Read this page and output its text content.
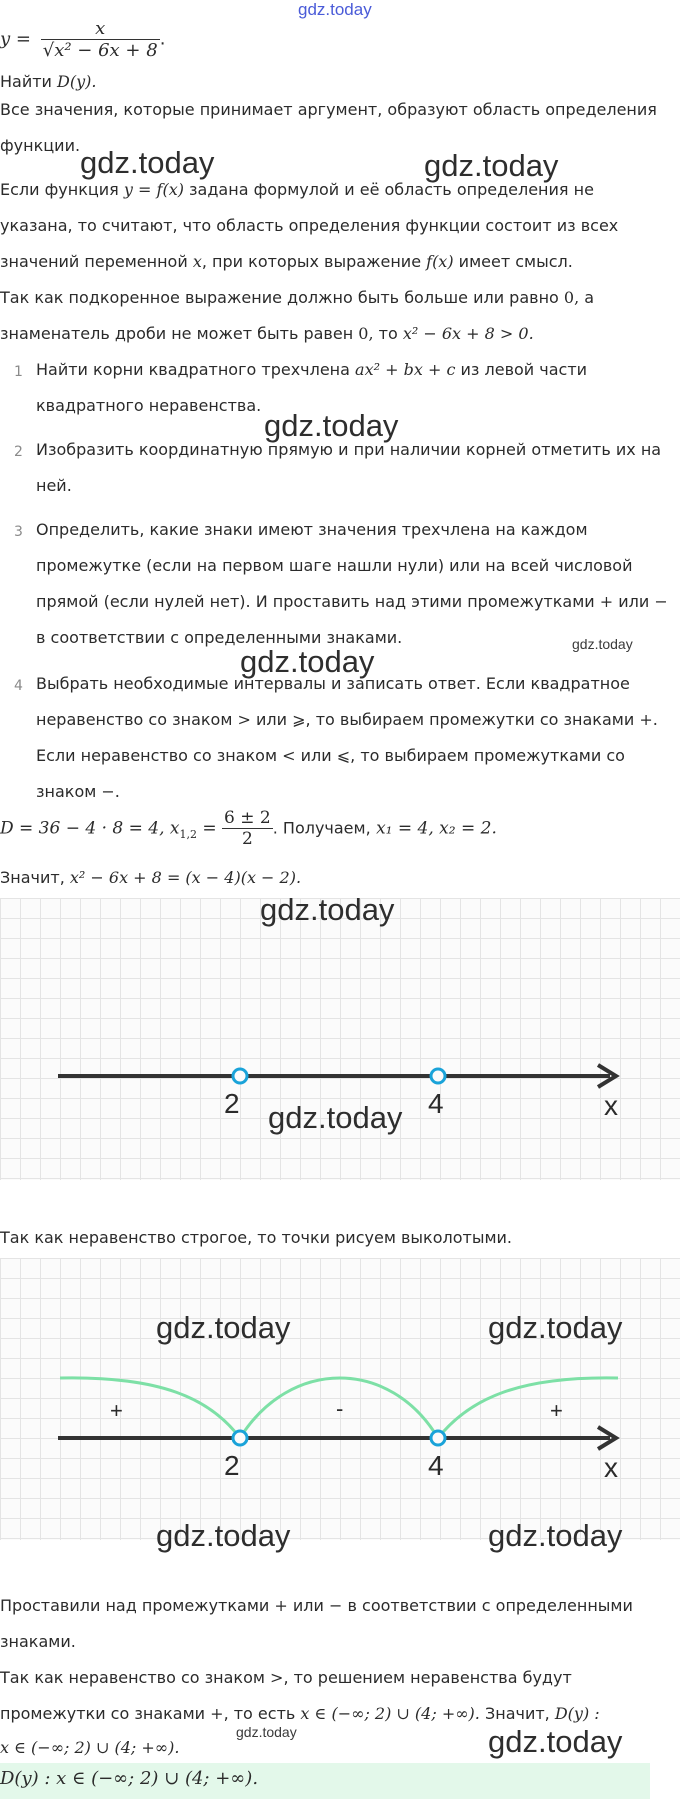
gdz.today
$y = \frac{x}{\text{√x² − 6x + 8}}$ .
Найти D(y).
Все значения, которые принимает аргумент, образуют область определения
функции.
Если функция y = f(x) задана формулой и её область определения не
указана, то считают, что область определения функции состоит из всех
значений переменной x, при которых выражение f(x) имеет смысл.
Так как подкоренное выражение должно быть больше или равно 0, а
знаменатель дроби не может быть равен 0, то x² − 6x + 8 > 0.
1 Найти корни квадратного трехчлена ax² + bx + c из левой части
квадратного неравенства.
2 Изобразить координатную прямую и при наличии корней отметить их на
ней.
3 Определить, какие знаки имеют значения трехчлена на каждом
промежутке (если на первом шаге нашли нули) или на всей числовой
прямой (если нулей нет). И проставить над этими промежутками + или −
в соответствии с определенными знаками.
4 Выбрать необходимые интервалы и записать ответ. Если квадратное
неравенство со знаком > или ⩾, то выбираем промежутки со знаками +.
Если неравенство со знаком < или ⩽, то выбираем промежутками со
знаком −.
D = 36 − 4 · 8 = 4, $x_{1,2} = \frac{6 \pm 2}{2}$ . Получаем, x₁ = 4, x₂ = 2.
Значит, x² − 6x + 8 = (x − 4)(x − 2).
2	4	x
Так как неравенство строгое, то точки рисуем выколотыми.
+	-	+
2	4	x
Проставили над промежутками + или − в соответствии с определенными
знаками.
Так как неравенство со знаком >, то решением неравенства будут
промежутки со знаками +, то есть x ∈ (−∞; 2) ∪ (4; +∞). Значит, D(y) :
x ∈ (−∞; 2) ∪ (4; +∞).
D(y) : x ∈ (−∞; 2) ∪ (4; +∞).
gdz.today	gdz.today
gdz.today
gdz.today	gdz.today
gdz.today
gdz.today
gdz.today	gdz.today
gdz.today	gdz.today
gdz.today	gdz.today
